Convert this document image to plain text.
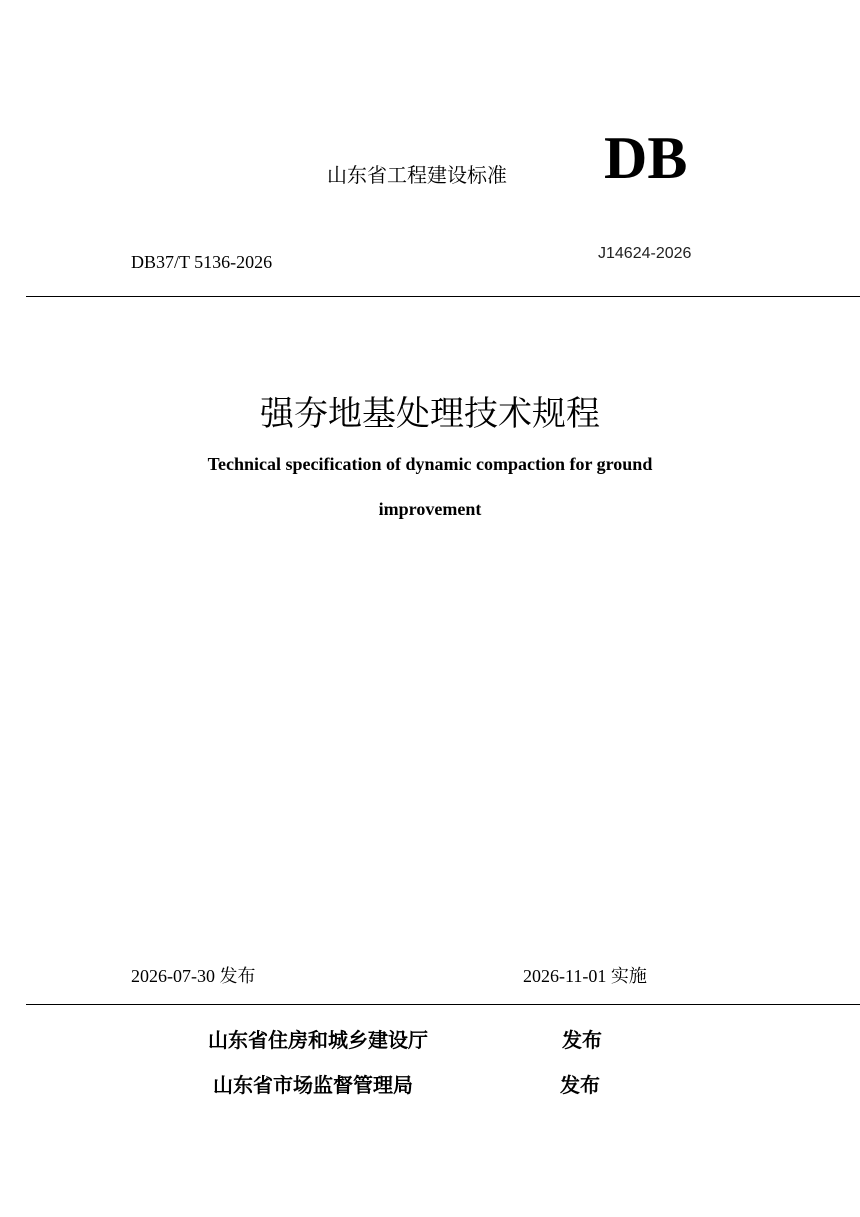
山东省工程建设标准 DB
DB37/T 5136-2026	J14624-2026
强夯地基处理技术规程
Technical specification of dynamic compaction for ground
improvement
2026-07-30 发布	2026-11-01 实施
山东省住房和城乡建设厅	发布
山东省市场监督管理局	发布
